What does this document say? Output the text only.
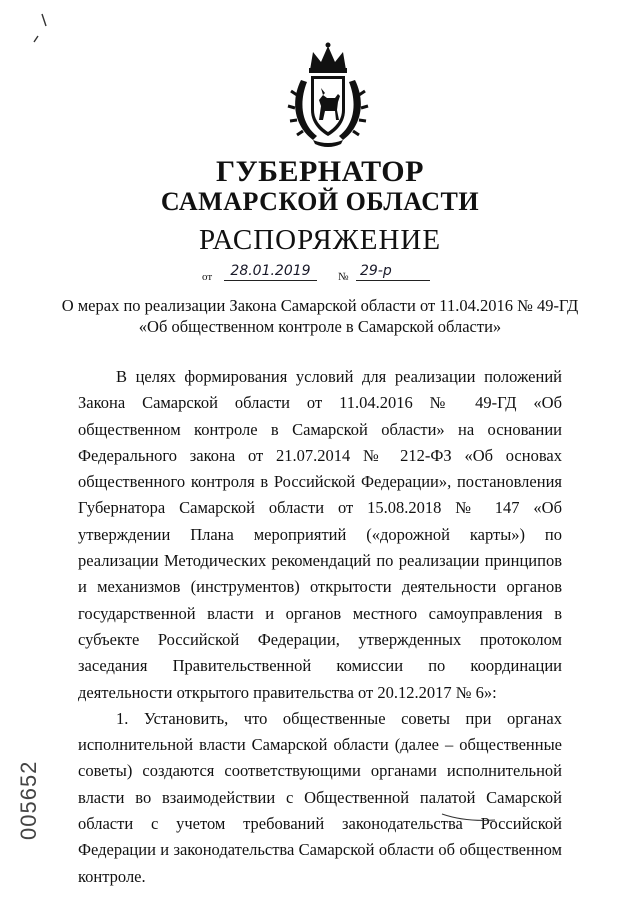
ГУБЕРНАТОР
САМАРСКОЙ ОБЛАСТИ
РАСПОРЯЖЕНИЕ
от	28.01.2019	№ 29-р
О мерах по реализации Закона Самарской области от 11.04.2016 № 49-ГД
«Об общественном контроле в Самарской области»

В целях формирования условий для реализации положений Закона Самарской области от 11.04.2016 № 49-ГД «Об общественном контроле в Самарской области» на основании Федерального закона от 21.07.2014 № 212-ФЗ «Об основах общественного контроля в Российской Федерации», постановления Губернатора Самарской области от 15.08.2018 № 147 «Об утверждении Плана мероприятий («дорожной карты») по реализации Методических рекомендаций по реализации принципов и механизмов (инструментов) открытости деятельности органов государственной власти и органов местного самоуправления в субъекте Российской Федерации, утвержденных протоколом заседания Правительственной комиссии по координации деятельности открытого правительства от 20.12.2017 № 6»:

1. Установить, что общественные советы при органах исполнительной власти Самарской области (далее – общественные советы) создаются соответствующими органами исполнительной власти во взаимодействии с Общественной палатой Самарской области с учетом требований законодательства Российской Федерации и законодательства Самарской области об общественном контроле.

005652
